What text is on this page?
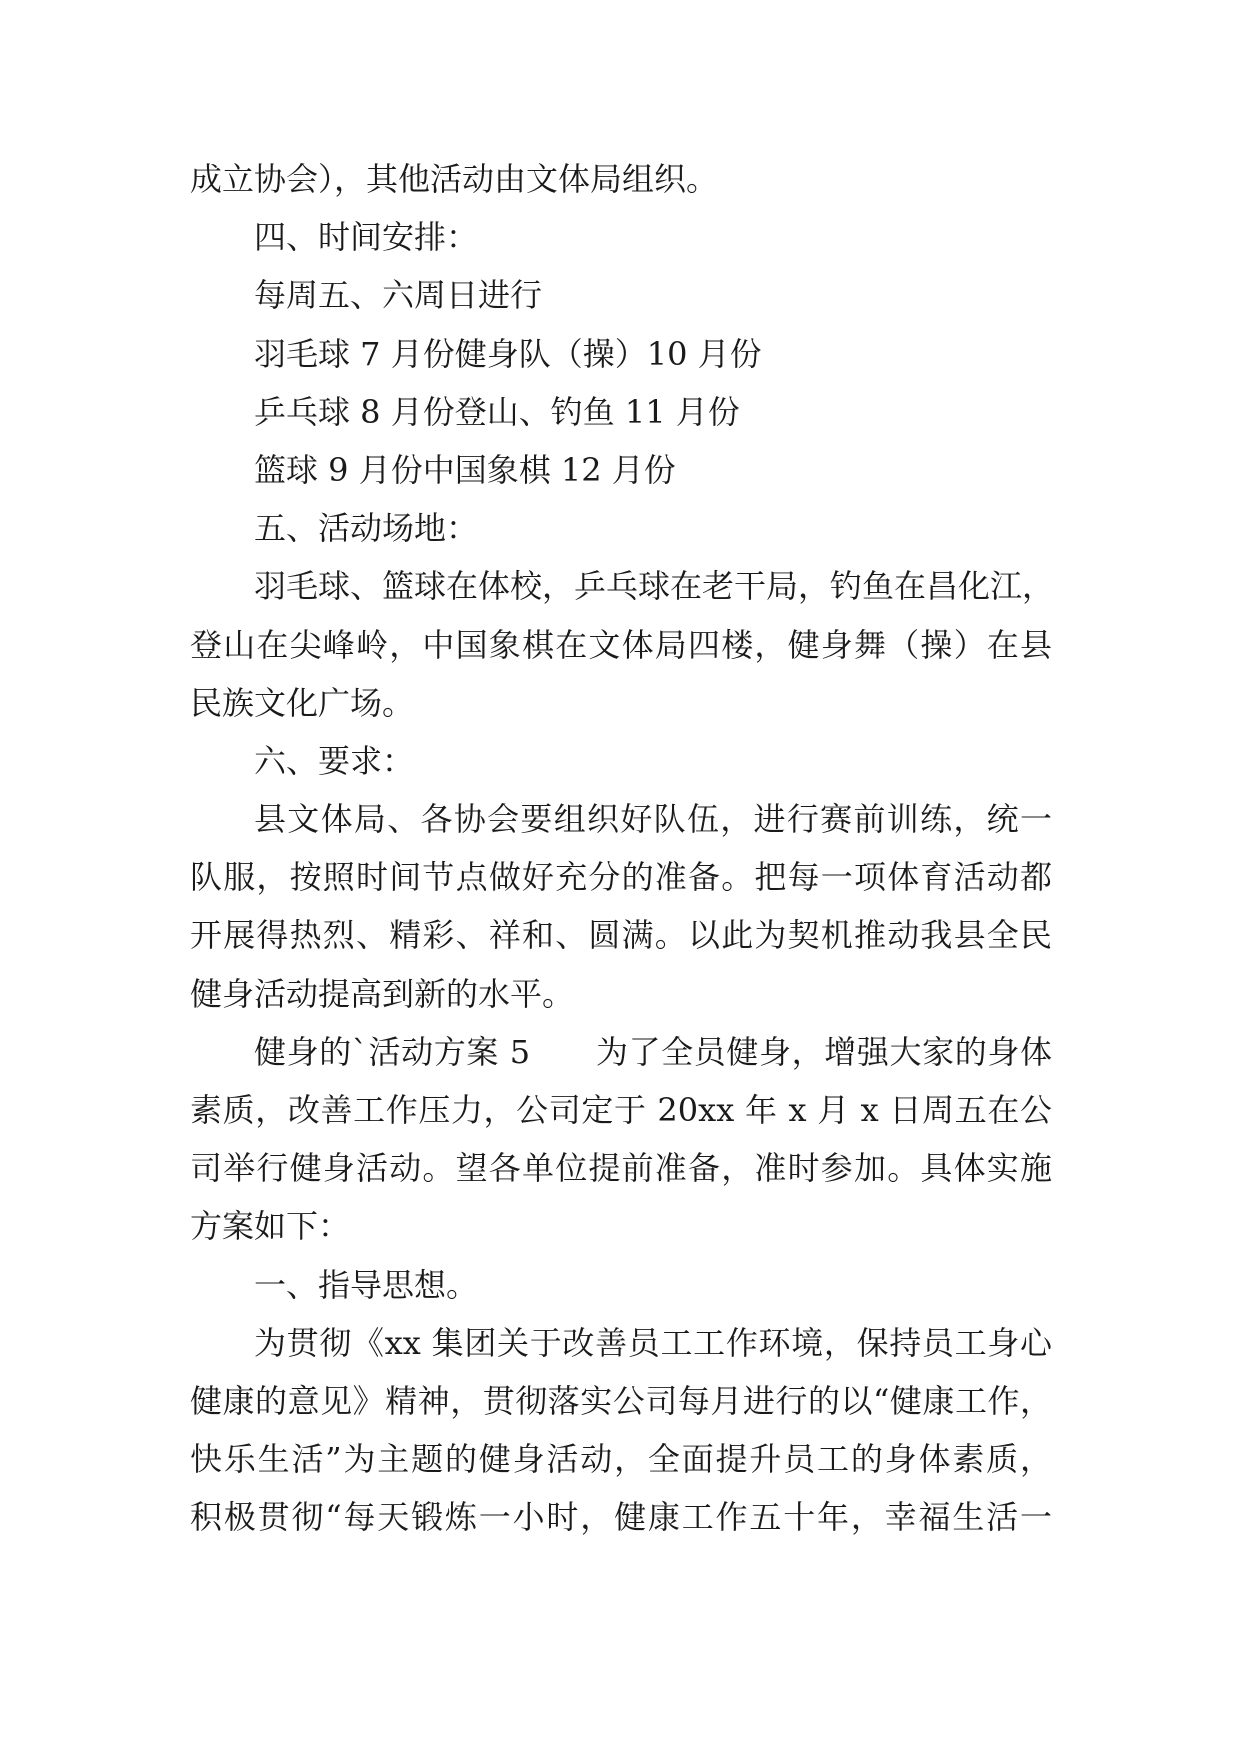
成立协会），其他活动由文体局组织。
四、时间安排：
每周五、六周日进行
羽毛球 7 月份健身队（操）10 月份
乒乓球 8 月份登山、钓鱼 11 月份
篮球 9 月份中国象棋 12 月份
五、活动场地：
羽毛球、篮球在体校，乒乓球在老干局，钓鱼在昌化江，
登山在尖峰岭，中国象棋在文体局四楼，健身舞（操）在县
民族文化广场。
六、要求：
县文体局、各协会要组织好队伍，进行赛前训练，统一
队服，按照时间节点做好充分的准备。把每一项体育活动都
开展得热烈、精彩、祥和、圆满。以此为契机推动我县全民
健身活动提高到新的水平。
健身的`活动方案 5　　为了全员健身，增强大家的身体
素质，改善工作压力，公司定于 20xx 年 x 月 x 日周五在公
司举行健身活动。望各单位提前准备，准时参加。具体实施
方案如下：
一、指导思想。
为贯彻《xx 集团关于改善员工工作环境，保持员工身心
健康的意见》精神，贯彻落实公司每月进行的以“健康工作，
快乐生活”为主题的健身活动，全面提升员工的身体素质，
积极贯彻“每天锻炼一小时，健康工作五十年，幸福生活一
